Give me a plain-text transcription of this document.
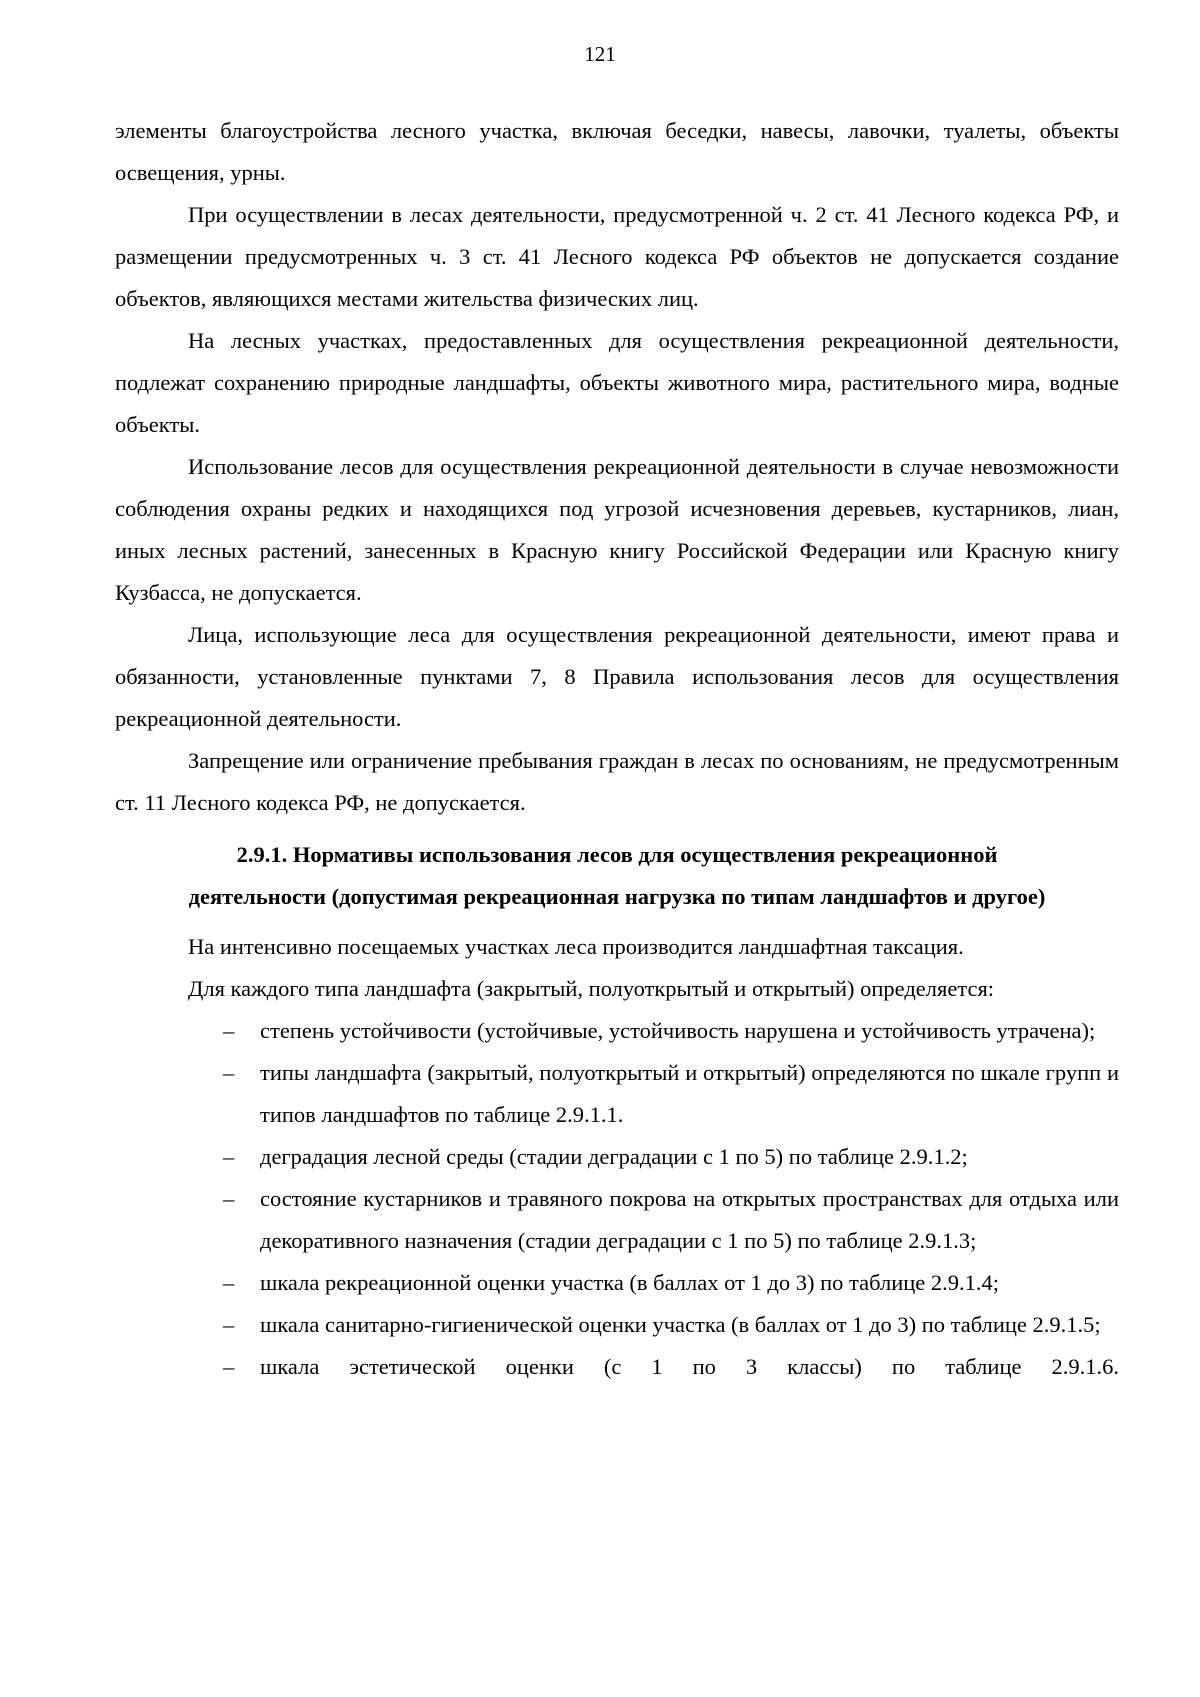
121

элементы благоустройства лесного участка, включая беседки, навесы, лавочки, туалеты, объекты освещения, урны.

При осуществлении в лесах деятельности, предусмотренной ч. 2 ст. 41 Лесного кодекса РФ, и размещении предусмотренных ч. 3 ст. 41 Лесного кодекса РФ объектов не допускается создание объектов, являющихся местами жительства физических лиц.

На лесных участках, предоставленных для осуществления рекреационной деятельности, подлежат сохранению природные ландшафты, объекты животного мира, растительного мира, водные объекты.

Использование лесов для осуществления рекреационной деятельности в случае невозможности соблюдения охраны редких и находящихся под угрозой исчезновения деревьев, кустарников, лиан, иных лесных растений, занесенных в Красную книгу Российской Федерации или Красную книгу Кузбасса, не допускается.

Лица, использующие леса для осуществления рекреационной деятельности, имеют права и обязанности, установленные пунктами 7, 8 Правила использования лесов для осуществления рекреационной деятельности.

Запрещение или ограничение пребывания граждан в лесах по основаниям, не предусмотренным ст. 11 Лесного кодекса РФ, не допускается.

2.9.1. Нормативы использования лесов для осуществления рекреационной
деятельности (допустимая рекреационная нагрузка по типам ландшафтов и другое)

На интенсивно посещаемых участках леса производится ландшафтная таксация.

Для каждого типа ландшафта (закрытый, полуоткрытый и открытый) определяется:

– степень устойчивости (устойчивые, устойчивость нарушена и устойчивость утрачена);
– типы ландшафта (закрытый, полуоткрытый и открытый) определяются по шкале групп и типов ландшафтов по таблице 2.9.1.1.
– деградация лесной среды (стадии деградации с 1 по 5) по таблице 2.9.1.2;
– состояние кустарников и травяного покрова на открытых пространствах для отдыха или декоративного назначения (стадии деградации с 1 по 5) по таблице 2.9.1.3;
– шкала рекреационной оценки участка (в баллах от 1 до 3) по таблице 2.9.1.4;
– шкала санитарно-гигиенической оценки участка (в баллах от 1 до 3) по таблице 2.9.1.5;
– шкала эстетической оценки (с 1 по 3 классы) по таблице 2.9.1.6.
